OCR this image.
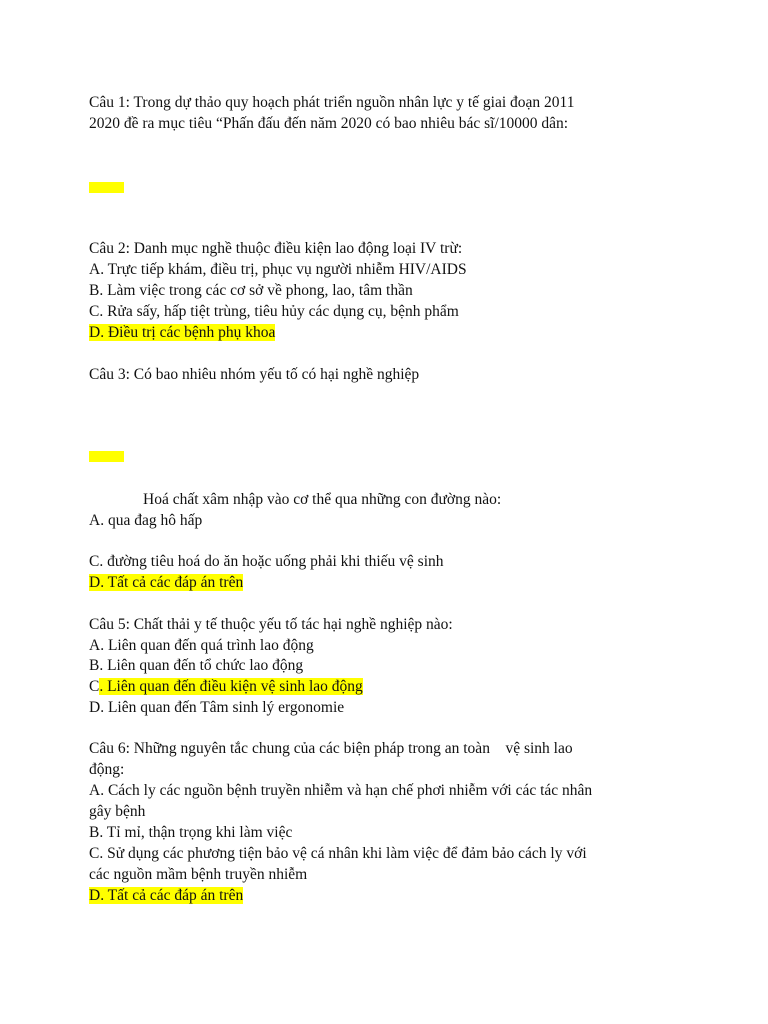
Câu 1: Trong dự thảo quy hoạch phát triển nguồn nhân lực y tế giai đoạn 2011
2020 đề ra mục tiêu “Phấn đấu đến năm 2020 có bao nhiêu bác sĩ/10000 dân:
Câu 2: Danh mục nghề thuộc điều kiện lao động loại IV trừ:
A. Trực tiếp khám, điều trị, phục vụ người nhiễm HIV/AIDS
B. Làm việc trong các cơ sở về phong, lao, tâm thần
C. Rửa sấy, hấp tiệt trùng, tiêu hủy các dụng cụ, bệnh phẩm
D. Điều trị các bệnh phụ khoa
Câu 3: Có bao nhiêu nhóm yếu tố có hại nghề nghiệp
Hoá chất xâm nhập vào cơ thể qua những con đường nào:
A. qua đag hô hấp
C. đường tiêu hoá do ăn hoặc uống phải khi thiếu vệ sinh
D. Tất cả các đáp án trên
Câu 5: Chất thải y tế thuộc yếu tố tác hại nghề nghiệp nào:
A. Liên quan đến quá trình lao động
B. Liên quan đến tổ chức lao động
C. Liên quan đến điều kiện vệ sinh lao động
D. Liên quan đến Tâm sinh lý ergonomie
Câu 6: Những nguyên tắc chung của các biện pháp trong an toàn    vệ sinh lao
động:
A. Cách ly các nguồn bệnh truyền nhiễm và hạn chế phơi nhiễm với các tác nhân
gây bệnh
B. Tỉ mỉ, thận trọng khi làm việc
C. Sử dụng các phương tiện bảo vệ cá nhân khi làm việc để đảm bảo cách ly với
các nguồn mầm bệnh truyền nhiễm
D. Tất cả các đáp án trên
